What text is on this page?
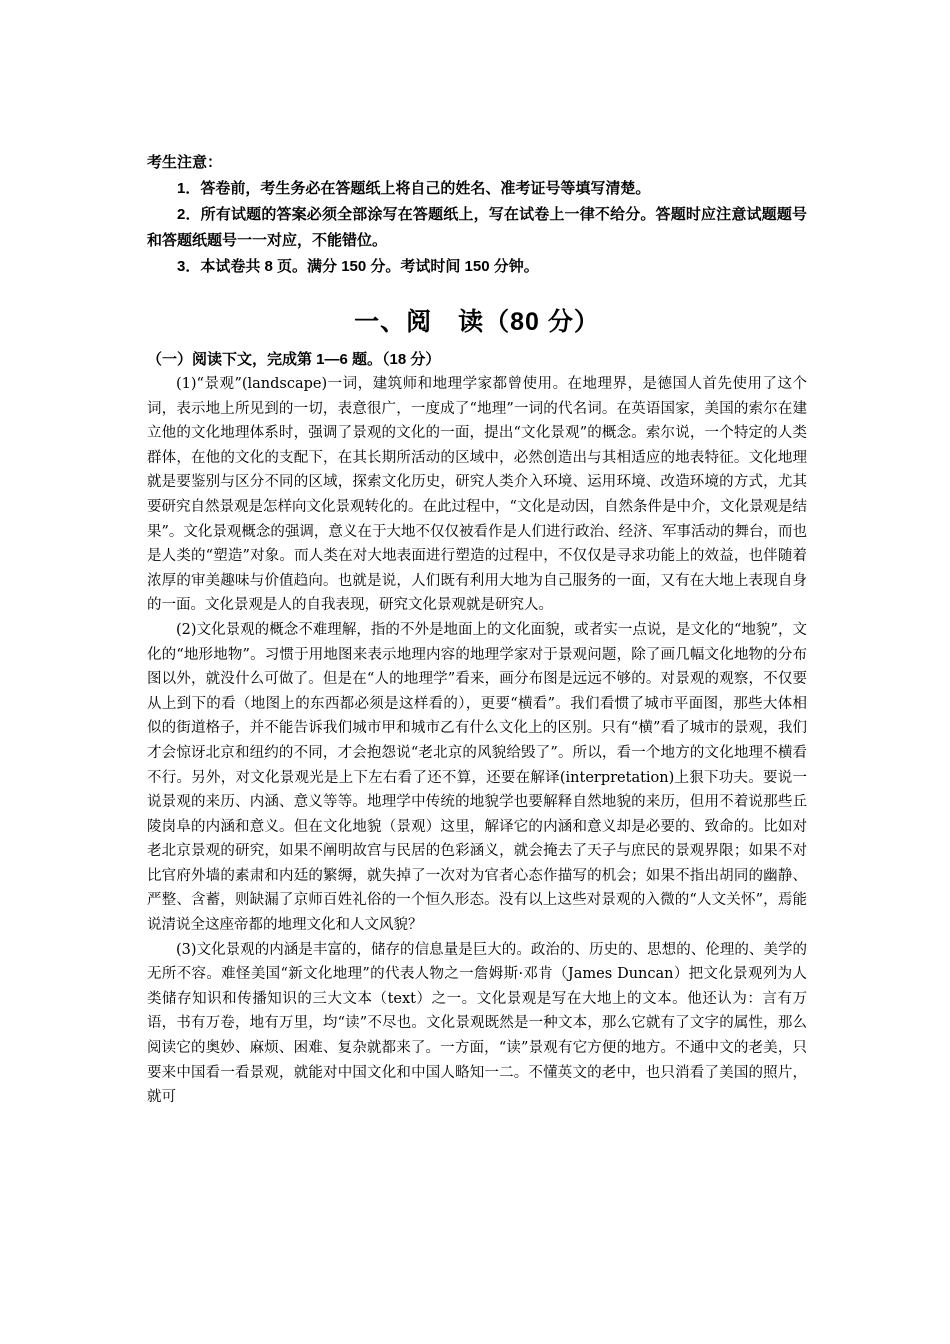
考生注意：
1．答卷前，考生务必在答题纸上将自己的姓名、准考证号等填写清楚。
2．所有试题的答案必须全部涂写在答题纸上，写在试卷上一律不给分。答题时应注意试题题号和答题纸题号一一对应，不能错位。
3．本试卷共 8 页。满分 150 分。考试时间 150 分钟。
一、阅　读（80 分）
（一）阅读下文，完成第 1—6 题。（18 分）

(1)“景观”(landscape)一词，建筑师和地理学家都曾使用。在地理界，是德国人首先使用了这个词，表示地上所见到的一切，表意很广，一度成了“地理”一词的代名词。在英语国家，美国的索尔在建立他的文化地理体系时，强调了景观的文化的一面，提出“文化景观”的概念。索尔说，一个特定的人类群体，在他的文化的支配下，在其长期所活动的区域中，必然创造出与其相适应的地表特征。文化地理就是要鉴别与区分不同的区域，探索文化历史，研究人类介入环境、运用环境、改造环境的方式，尤其要研究自然景观是怎样向文化景观转化的。在此过程中，“文化是动因，自然条件是中介，文化景观是结果”。文化景观概念的强调，意义在于大地不仅仅被看作是人们进行政治、经济、军事活动的舞台，而也是人类的“塑造”对象。而人类在对大地表面进行塑造的过程中，不仅仅是寻求功能上的效益，也伴随着浓厚的审美趣味与价值趋向。也就是说，人们既有利用大地为自己服务的一面，又有在大地上表现自身的一面。文化景观是人的自我表现，研究文化景观就是研究人。

(2)文化景观的概念不难理解，指的不外是地面上的文化面貌，或者实一点说，是文化的“地貌”，文化的“地形地物”。习惯于用地图来表示地理内容的地理学家对于景观问题，除了画几幅文化地物的分布图以外，就没什么可做了。但是在“人的地理学”看来，画分布图是远远不够的。对景观的观察，不仅要从上到下的看（地图上的东西都必须是这样看的），更要“横看”。我们看惯了城市平面图，那些大体相似的街道格子，并不能告诉我们城市甲和城市乙有什么文化上的区别。只有“横”看了城市的景观，我们才会惊讶北京和纽约的不同，才会抱怨说“老北京的风貌给毁了”。所以，看一个地方的文化地理不横看不行。另外，对文化景观光是上下左右看了还不算，还要在解译(interpretation)上狠下功夫。要说一说景观的来历、内涵、意义等等。地理学中传统的地貌学也要解释自然地貌的来历，但用不着说那些丘陵岗阜的内涵和意义。但在文化地貌（景观）这里，解译它的内涵和意义却是必要的、致命的。比如对老北京景观的研究，如果不阐明故宫与民居的色彩涵义，就会掩去了天子与庶民的景观界限；如果不对比官府外墙的素肃和内廷的繁缛，就失掉了一次对为官者心态作描写的机会；如果不指出胡同的幽静、严整、含蓄，则缺漏了京师百姓礼俗的一个恒久形态。没有以上这些对景观的入微的“人文关怀”，焉能说清说全这座帝都的地理文化和人文风貌？

(3)文化景观的内涵是丰富的，储存的信息量是巨大的。政治的、历史的、思想的、伦理的、美学的无所不容。难怪美国“新文化地理”的代表人物之一詹姆斯·邓肯（James Duncan）把文化景观列为人类储存知识和传播知识的三大文本（text）之一。文化景观是写在大地上的文本。他还认为：言有万语，书有万卷，地有万里，均“读”不尽也。文化景观既然是一种文本，那么它就有了文字的属性，那么阅读它的奥妙、麻烦、困难、复杂就都来了。一方面，“读”景观有它方便的地方。不通中文的老美，只要来中国看一看景观，就能对中国文化和中国人略知一二。不懂英文的老中，也只消看了美国的照片，就可
